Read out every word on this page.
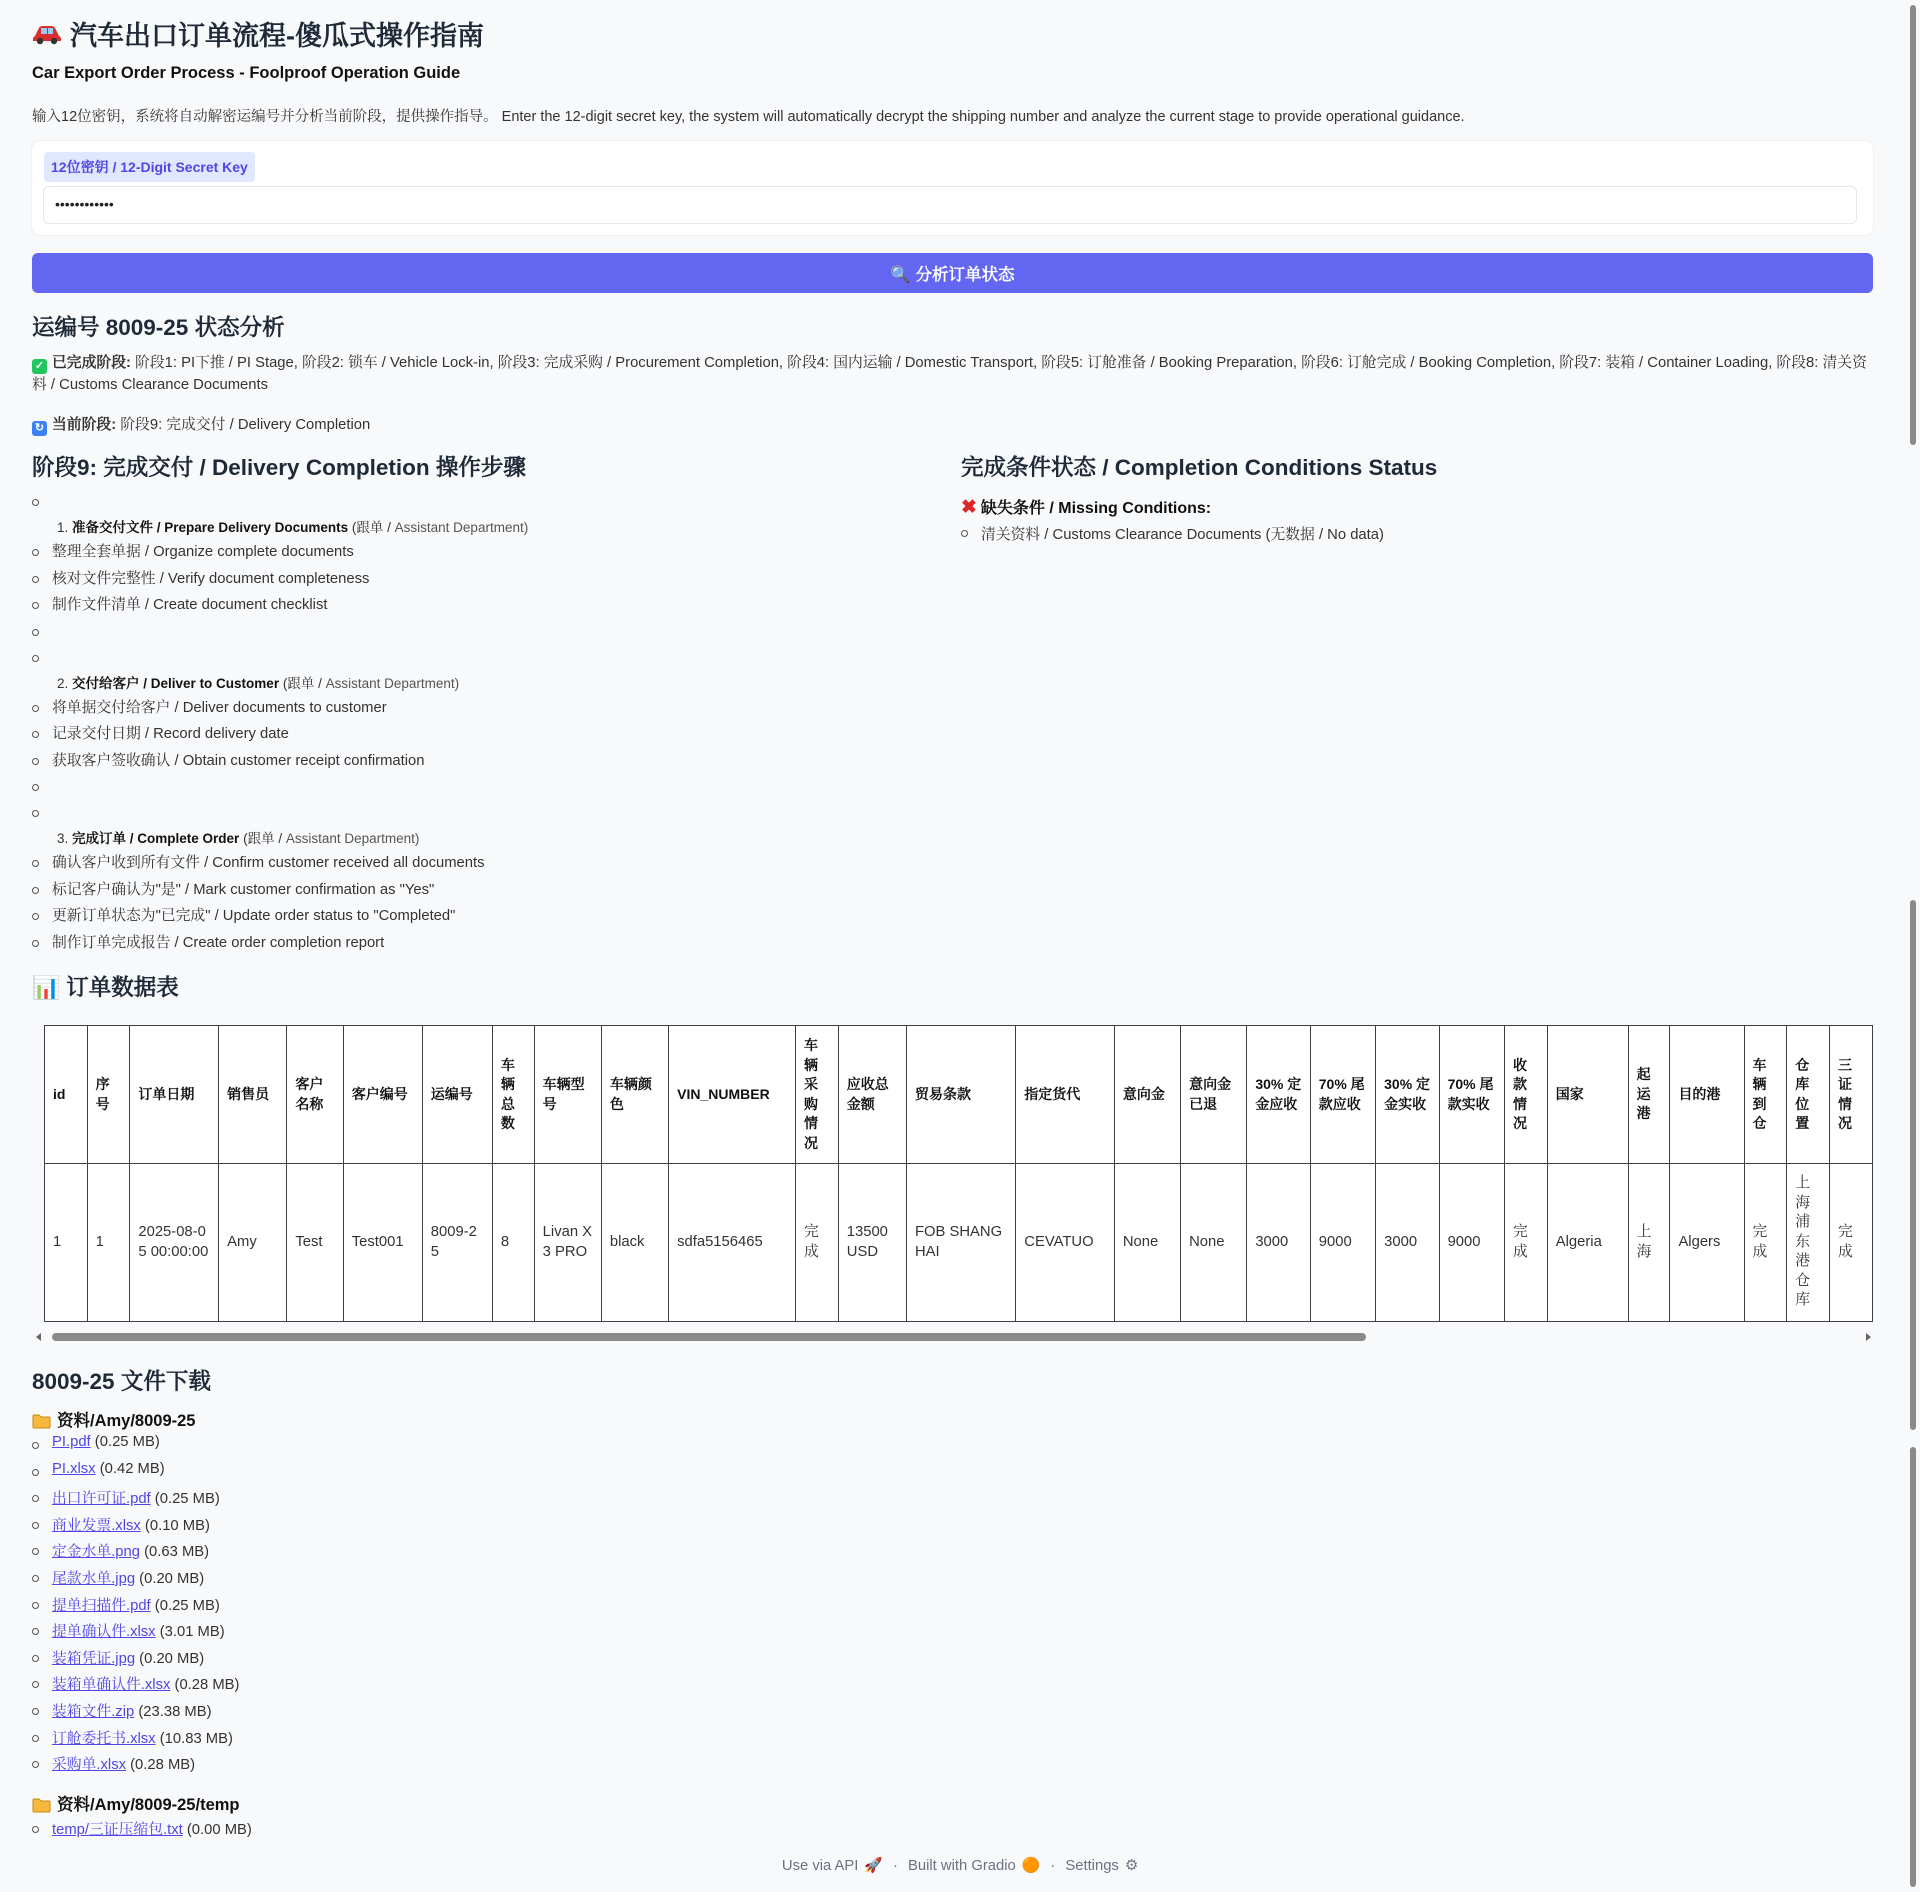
汽车出口订单流程-傻瓜式操作指南
Car Export Order Process - Foolproof Operation Guide
输入12位密钥，系统将自动解密运编号并分析当前阶段，提供操作指导。 Enter the 12-digit secret key, the system will automatically decrypt the shipping number and analyze the current stage to provide operational guidance.
12位密钥 / 12-Digit Secret Key
••••••••••••
🔍 分析订单状态
运编号 8009-25 状态分析
✓ 已完成阶段: 阶段1: PI下推 / PI Stage, 阶段2: 锁车 / Vehicle Lock-in, 阶段3: 完成采购 / Procurement Completion, 阶段4: 国内运输 / Domestic Transport, 阶段5: 订舱准备 / Booking Preparation, 阶段6: 订舱完成 / Booking Completion, 阶段7: 装箱 / Container Loading, 阶段8: 清关资料 / Customs Clearance Documents
↻ 当前阶段: 阶段9: 完成交付 / Delivery Completion
阶段9: 完成交付 / Delivery Completion 操作步骤
1. 准备交付文件 / Prepare Delivery Documents (跟单 / Assistant Department)
整理全套单据 / Organize complete documents
核对文件完整性 / Verify document completeness
制作文件清单 / Create document checklist
2. 交付给客户 / Deliver to Customer (跟单 / Assistant Department)
将单据交付给客户 / Deliver documents to customer
记录交付日期 / Record delivery date
获取客户签收确认 / Obtain customer receipt confirmation
3. 完成订单 / Complete Order (跟单 / Assistant Department)
确认客户收到所有文件 / Confirm customer received all documents
标记客户确认为"是" / Mark customer confirmation as "Yes"
更新订单状态为"已完成" / Update order status to "Completed"
制作订单完成报告 / Create order completion report
完成条件状态 / Completion Conditions Status
✖ 缺失条件 / Missing Conditions:
清关资料 / Customs Clearance Documents (无数据 / No data)
📊 订单数据表
id	序号	订单日期	销售员	客户名称	客户编号	运编号	车辆总数	车辆型号	车辆颜色	VIN_NUMBER	车辆采购情况	应收总金额	贸易条款	指定货代	意向金	意向金已退	30% 定金应收	70% 尾款应收	30% 定金实收	70% 尾款实收	收款情况	国家	起运港	目的港	车辆到仓	仓库位置	三证情况
1	1	2025-08-05 00:00:00	Amy	Test	Test001	8009-25	8	Livan X3 PRO	black	sdfa5156465	完成	13500 USD	FOB SHANGHAI	CEVATUO	None	None	3000	9000	3000	9000	完成	Algeria	上海	Algers	完成	上海浦东港仓库	完成
8009-25 文件下载
资料/Amy/8009-25
PI.pdf (0.25 MB)
PI.xlsx (0.42 MB)
出口许可证.pdf (0.25 MB)
商业发票.xlsx (0.10 MB)
定金水单.png (0.63 MB)
尾款水单.jpg (0.20 MB)
提单扫描件.pdf (0.25 MB)
提单确认件.xlsx (3.01 MB)
装箱凭证.jpg (0.20 MB)
装箱单确认件.xlsx (0.28 MB)
装箱文件.zip (23.38 MB)
订舱委托书.xlsx (10.83 MB)
采购单.xlsx (0.28 MB)
资料/Amy/8009-25/temp
temp/三证压缩包.txt (0.00 MB)
Use via API 🚀 · Built with Gradio 🟠 · Settings ⚙
